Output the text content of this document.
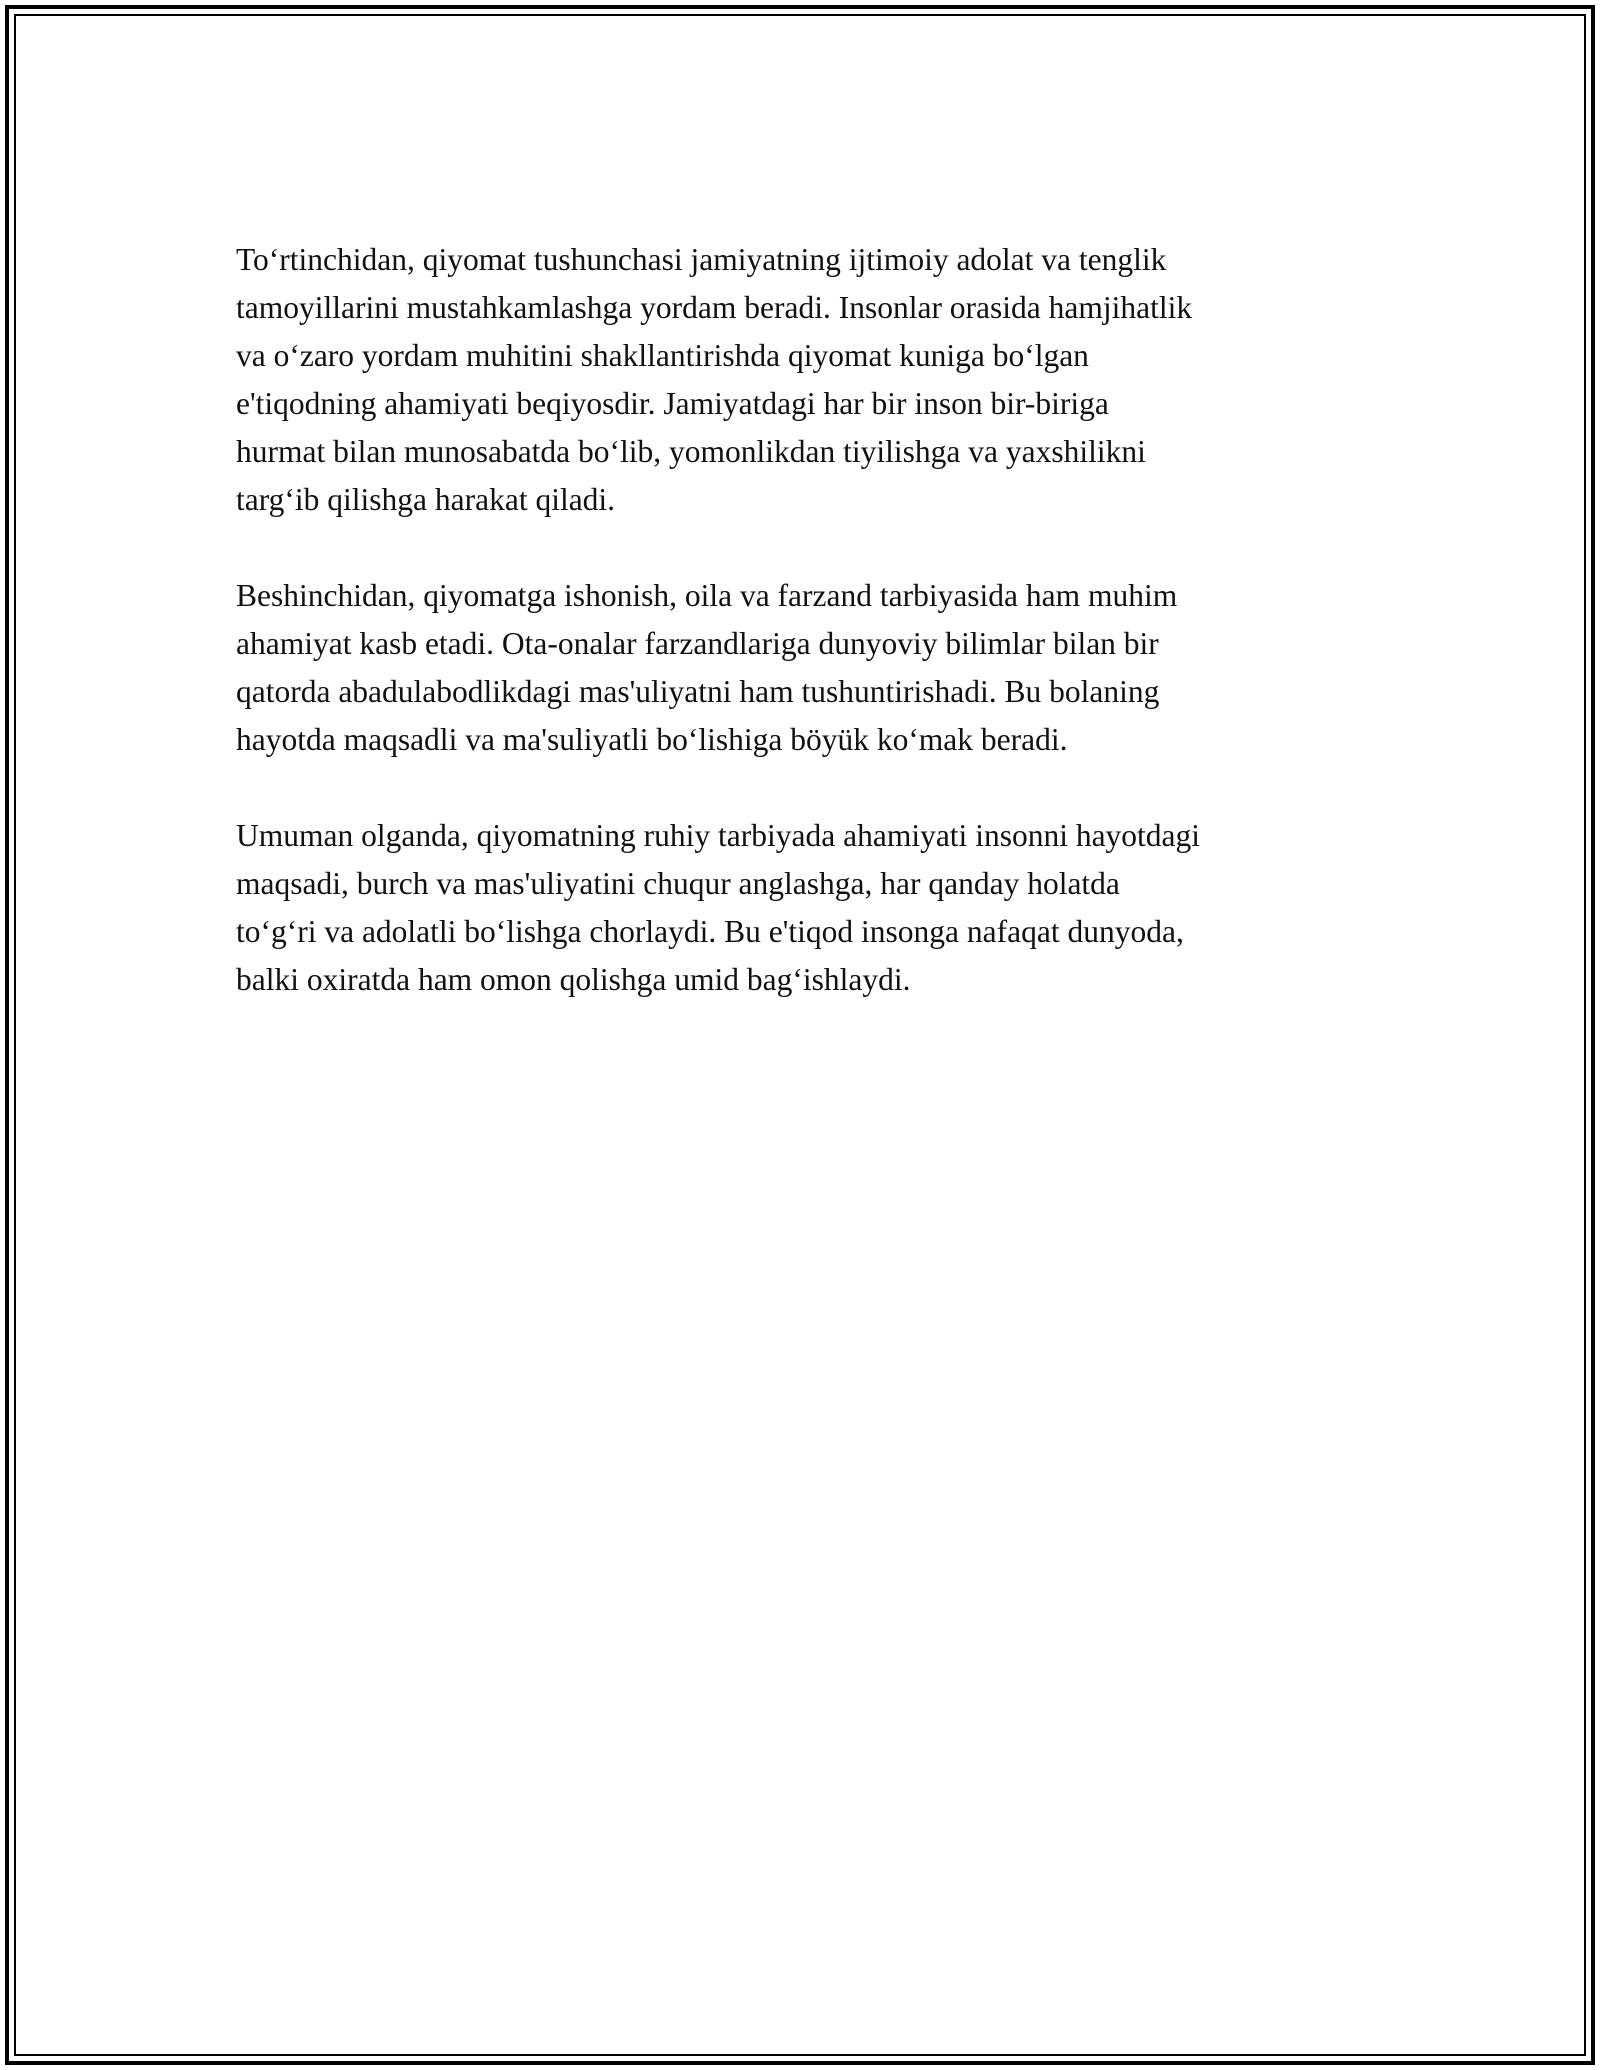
To‘rtinchidan, qiyomat tushunchasi jamiyatning ijtimoiy adolat va tenglik
tamoyillarini mustahkamlashga yordam beradi. Insonlar orasida hamjihatlik
va o‘zaro yordam muhitini shakllantirishda qiyomat kuniga bo‘lgan
e'tiqodning ahamiyati beqiyosdir. Jamiyatdagi har bir inson bir-biriga
hurmat bilan munosabatda bo‘lib, yomonlikdan tiyilishga va yaxshilikni
targ‘ib qilishga harakat qiladi.

Beshinchidan, qiyomatga ishonish, oila va farzand tarbiyasida ham muhim
ahamiyat kasb etadi. Ota-onalar farzandlariga dunyoviy bilimlar bilan bir
qatorda abadulabodlikdagi mas'uliyatni ham tushuntirishadi. Bu bolaning
hayotda maqsadli va ma'suliyatli bo‘lishiga böyük ko‘mak beradi.

Umuman olganda, qiyomatning ruhiy tarbiyada ahamiyati insonni hayotdagi
maqsadi, burch va mas'uliyatini chuqur anglashga, har qanday holatda
to‘g‘ri va adolatli bo‘lishga chorlaydi. Bu e'tiqod insonga nafaqat dunyoda,
balki oxiratda ham omon qolishga umid bag‘ishlaydi.
